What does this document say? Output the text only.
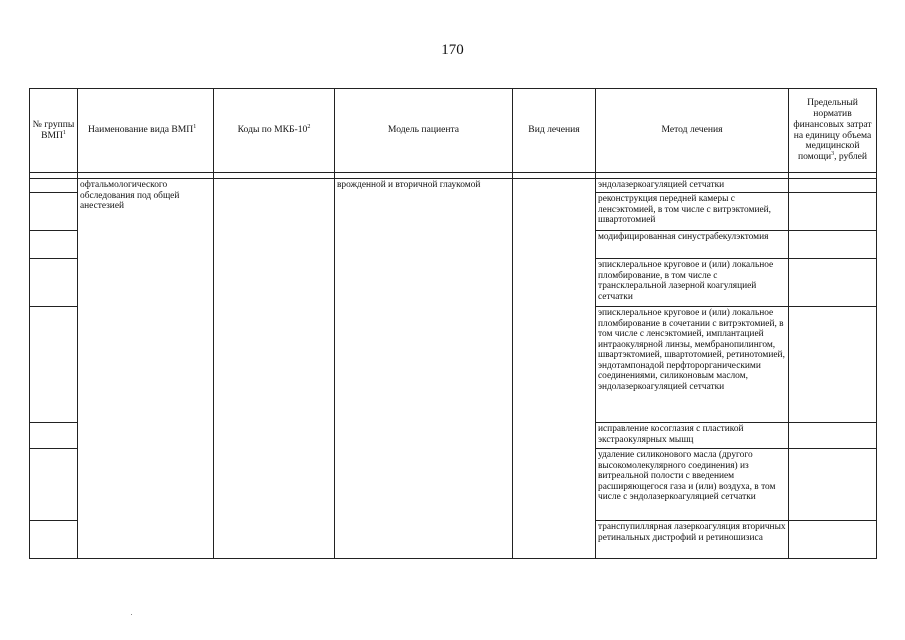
170
№ группы ВМП$^1$	Наименование вида ВМП$^1$	Коды по МКБ-$10^2$	Модель пациента	Вид лечения	Метод лечения	Предельный норматив финансовых затрат на единицу объема медицинской помощи$^3$, рублей

	офтальмологического обследования под общей анестезией		врожденной и вторичной глаукомой		эндолазеркоагуляцией сетчатки	
					реконструкция передней камеры с ленсэктомией, в том числе с витрэктомией, швартотомией	
					модифицированная синустрабекулэктомия	
					эписклеральное круговое и (или) локальное пломбирование, в том числе с трансклеральной лазерной коагуляцией сетчатки	
					эписклеральное круговое и (или) локальное пломбирование в сочетании с витрэктомией, в том числе с ленсэктомией, имплантацией интраокулярной линзы, мембранопилингом, швартэктомией, швартотомией, ретинотомией, эндотампонадой перфторорганическими соединениями, силиконовым маслом, эндолазеркоагуляцией сетчатки	
					исправление косоглазия с пластикой экстраокулярных мышц	
					удаление силиконового масла (другого высокомолекулярного соединения) из витреальной полости с введением расширяющегося газа и (или) воздуха, в том числе с эндолазеркоагуляцией сетчатки	
					транспупиллярная лазеркоагуляция вторичных ретинальных дистрофий и ретиношизиса	
